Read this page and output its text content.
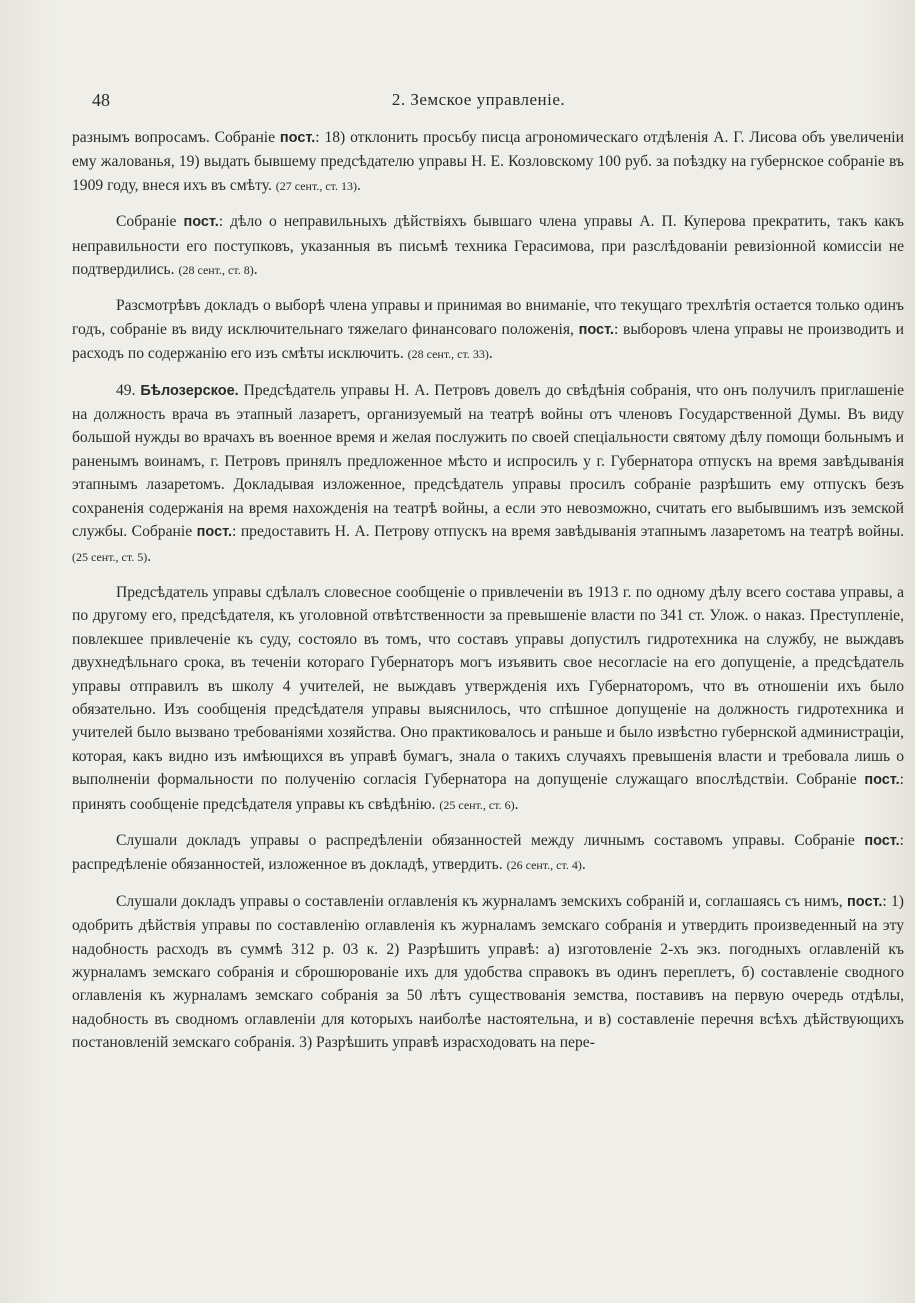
48	2. Земское управленіе.

разнымъ вопросамъ. Собраніе пост.: 18) отклонить просьбу писца агрономическаго отдѣленія А. Г. Лисова объ увеличеніи ему жалованья, 19) выдать бывшему предсѣдателю управы Н. Е. Козловскому 100 руб. за поѣздку на губернское собраніе въ 1909 году, внеся ихъ въ смѣту. (27 сент., ст. 13).

Собраніе пост.: дѣло о неправильныхъ дѣйствіяхъ бывшаго члена управы А. П. Куперова прекратить, такъ какъ неправильности его поступковъ, указанныя въ письмѣ техника Герасимова, при разслѣдованіи ревизіонной комиссіи не подтвердились. (28 сент., ст. 8).

Разсмотрѣвъ докладъ о выборѣ члена управы и принимая во вниманіе, что текущаго трехлѣтія остается только одинъ годъ, собраніе въ виду исключительнаго тяжелаго финансоваго положенія, пост.: выборовъ члена управы не производить и расходъ по содержанію его изъ смѣты исключить. (28 сент., ст. 33).

49. Бѣлозерское. Предсѣдатель управы Н. А. Петровъ довелъ до свѣдѣнія собранія, что онъ получилъ приглашеніе на должность врача въ этапный лазаретъ, организуемый на театрѣ войны отъ членовъ Государственной Думы. Въ виду большой нужды во врачахъ въ военное время и желая послужить по своей спеціальности святому дѣлу помощи больнымъ и раненымъ воинамъ, г. Петровъ принялъ предложенное мѣсто и испросилъ у г. Губернатора отпускъ на время завѣдыванія этапнымъ лазаретомъ. Докладывая изложенное, предсѣдатель управы просилъ собраніе разрѣшить ему отпускъ безъ сохраненія содержанія на время нахожденія на театрѣ войны, а если это невозможно, считать его выбывшимъ изъ земской службы. Собраніе пост.: предоставить Н. А. Петрову отпускъ на время завѣдыванія этапнымъ лазаретомъ на театрѣ войны. (25 сент., ст. 5).

Предсѣдатель управы сдѣлалъ словесное сообщеніе о привлеченіи въ 1913 г. по одному дѣлу всего состава управы, а по другому его, предсѣдателя, къ уголовной отвѣтственности за превышеніе власти по 341 ст. Улож. о наказ. Преступленіе, повлекшее привлеченіе къ суду, состояло въ томъ, что составъ управы допустилъ гидротехника на службу, не выждавъ двухнедѣльнаго срока, въ теченіи котораго Губернаторъ могъ изъявить свое несогласіе на его допущеніе, а предсѣдатель управы отправилъ въ школу 4 учителей, не выждавъ утвержденія ихъ Губернаторомъ, что въ отношеніи ихъ было обязательно. Изъ сообщенія предсѣдателя управы выяснилось, что спѣшное допущеніе на должность гидротехника и учителей было вызвано требованіями хозяйства. Оно практиковалось и раньше и было извѣстно губернской администраціи, которая, какъ видно изъ имѣющихся въ управѣ бумагъ, знала о такихъ случаяхъ превышенія власти и требовала лишь о выполненіи формальности по полученію согласія Губернатора на допущеніе служащаго впослѣдствіи. Собраніе пост.: принять сообщеніе предсѣдателя управы къ свѣдѣнію. (25 сент., ст. 6).

Слушали докладъ управы о распредѣленіи обязанностей между личнымъ составомъ управы. Собраніе пост.: распредѣленіе обязанностей, изложенное въ докладѣ, утвердить. (26 сент., ст. 4).

Слушали докладъ управы о составленіи оглавленія къ журналамъ земскихъ собраній и, соглашаясь съ нимъ, пост.: 1) одобрить дѣйствія управы по составленію оглавленія къ журналамъ земскаго собранія и утвердить произведенный на эту надобность расходъ въ суммѣ 312 р. 03 к. 2) Разрѣшить управѣ: а) изготовленіе 2-хъ экз. погодныхъ оглавленій къ журналамъ земскаго собранія и сброшюрованіе ихъ для удобства справокъ въ одинъ переплетъ, б) составленіе сводного оглавленія къ журналамъ земскаго собранія за 50 лѣтъ существованія земства, поставивъ на первую очередь отдѣлы, надобность въ сводномъ оглавленіи для которыхъ наиболѣе настоятельна, и в) составленіе перечня всѣхъ дѣйствующихъ постановленій земскаго собранія. 3) Разрѣшить управѣ израсходовать на пере-
